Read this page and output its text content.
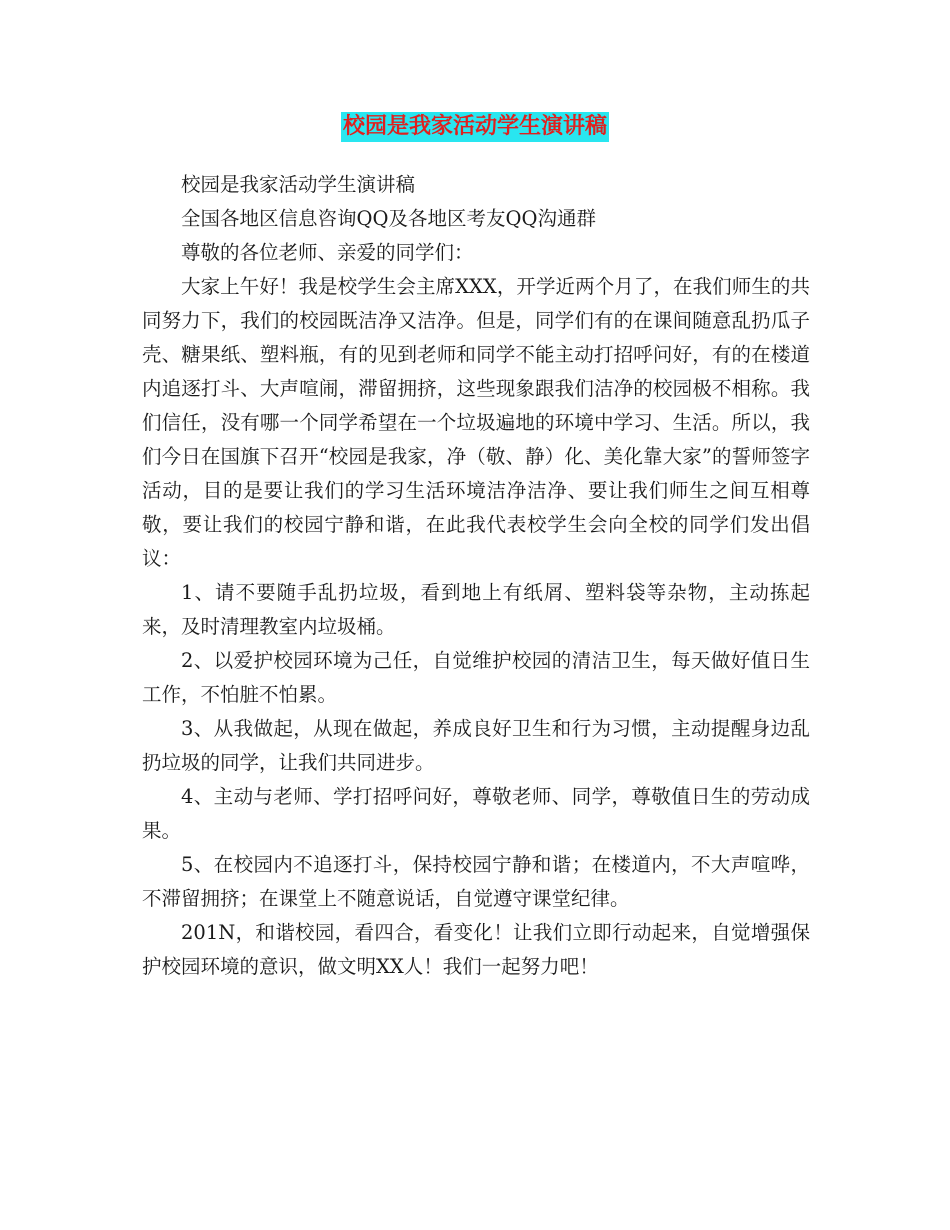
校园是我家活动学生演讲稿

校园是我家活动学生演讲稿

全国各地区信息咨询QQ及各地区考友QQ沟通群

尊敬的各位老师、亲爱的同学们：

大家上午好！我是校学生会主席XXX，开学近两个月了，在我们师生的共同努力下，我们的校园既洁净又洁净。但是，同学们有的在课间随意乱扔瓜子壳、糖果纸、塑料瓶，有的见到老师和同学不能主动打招呼问好，有的在楼道内追逐打斗、大声喧闹，滞留拥挤，这些现象跟我们洁净的校园极不相称。我们信任，没有哪一个同学希望在一个垃圾遍地的环境中学习、生活。所以，我们今日在国旗下召开“校园是我家，净（敬、静）化、美化靠大家”的誓师签字活动，目的是要让我们的学习生活环境洁净洁净、要让我们师生之间互相尊敬，要让我们的校园宁静和谐，在此我代表校学生会向全校的同学们发出倡议：

1、请不要随手乱扔垃圾，看到地上有纸屑、塑料袋等杂物，主动拣起来，及时清理教室内垃圾桶。

2、以爱护校园环境为己任，自觉维护校园的清洁卫生，每天做好值日生工作，不怕脏不怕累。

3、从我做起，从现在做起，养成良好卫生和行为习惯，主动提醒身边乱扔垃圾的同学，让我们共同进步。

4、主动与老师、学打招呼问好，尊敬老师、同学，尊敬值日生的劳动成果。

5、在校园内不追逐打斗，保持校园宁静和谐；在楼道内，不大声喧哗，不滞留拥挤；在课堂上不随意说话，自觉遵守课堂纪律。

201N，和谐校园，看四合，看变化！让我们立即行动起来，自觉增强保护校园环境的意识，做文明XX人！我们一起努力吧！
